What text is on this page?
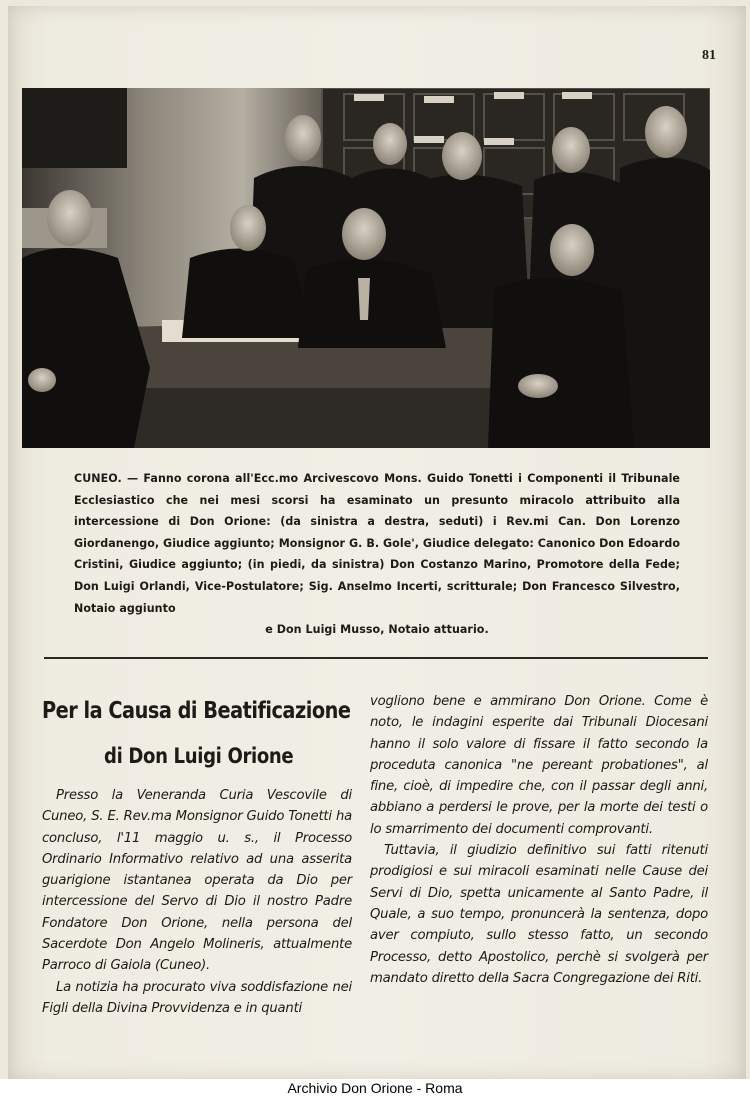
81
CUNEO. — Fanno corona all'Ecc.mo Arcivescovo Mons. Guido Tonetti i Componenti il Tribunale Ecclesiastico che nei mesi scorsi ha esaminato un presunto miracolo attribuito alla intercessione di Don Orione: (da sinistra a destra, seduti) i Rev.mi Can. Don Lorenzo Giordanengo, Giudice aggiunto; Monsignor G. B. Gole', Giudice delegato: Canonico Don Edoardo Cristini, Giudice aggiunto; (in piedi, da sinistra) Don Costanzo Marino, Promotore della Fede; Don Luigi Orlandi, Vice-Postulatore; Sig. Anselmo Incerti, scritturale; Don Francesco Silvestro, Notaio aggiunto
e Don Luigi Musso, Notaio attuario.
Per la Causa di Beatificazione
di Don Luigi Orione

Presso la Veneranda Curia Vescovile di Cuneo, S. E. Rev.ma Monsignor Guido Tonetti ha concluso, l'11 maggio u. s., il Processo Ordinario Informativo relativo ad una asserita guarigione istantanea operata da Dio per intercessione del Servo di Dio il nostro Padre Fondatore Don Orione, nella persona del Sacerdote Don Angelo Molineris, attualmente Parroco di Gaiola (Cuneo).

La notizia ha procurato viva soddisfazione nei Figli della Divina Provvidenza e in quanti

vogliono bene e ammirano Don Orione. Come è noto, le indagini esperite dai Tribunali Diocesani hanno il solo valore di fissare il fatto secondo la proceduta canonica "ne pereant probationes", al fine, cioè, di impedire che, con il passar degli anni, abbiano a perdersi le prove, per la morte dei testi o lo smarrimento dei documenti comprovanti.

Tuttavia, il giudizio definitivo sui fatti ritenuti prodigiosi e sui miracoli esaminati nelle Cause dei Servi di Dio, spetta unicamente al Santo Padre, il Quale, a suo tempo, pronuncerà la sentenza, dopo aver compiuto, sullo stesso fatto, un secondo Processo, detto Apostolico, perchè si svolgerà per mandato diretto della Sacra Congregazione dei Riti.

Archivio Don Orione - Roma
